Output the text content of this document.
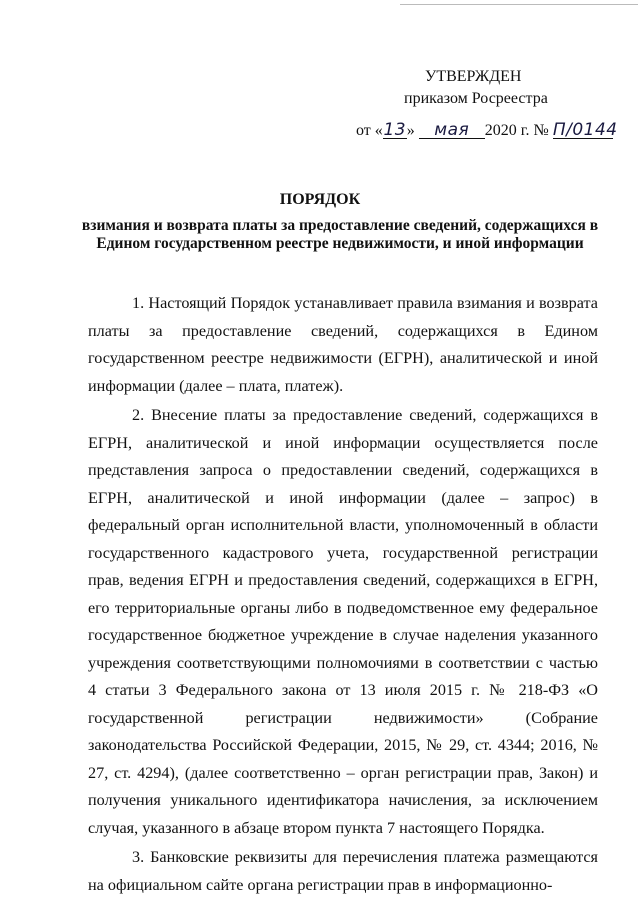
УТВЕРЖДЕН
приказом Росреестра
от «13» мая 2020 г. № П/0144
ПОРЯДОК
взимания и возврата платы за предоставление сведений, содержащихся в Едином государственном реестре недвижимости, и иной информации

1. Настоящий Порядок устанавливает правила взимания и возврата платы за предоставление сведений, содержащихся в Едином государственном реестре недвижимости (ЕГРН), аналитической и иной информации (далее – плата, платеж).

2. Внесение платы за предоставление сведений, содержащихся в ЕГРН, аналитической и иной информации осуществляется после представления запроса о предоставлении сведений, содержащихся в ЕГРН, аналитической и иной информации (далее – запрос) в федеральный орган исполнительной власти, уполномоченный в области государственного кадастрового учета, государственной регистрации прав, ведения ЕГРН и предоставления сведений, содержащихся в ЕГРН, его территориальные органы либо в подведомственное ему федеральное государственное бюджетное учреждение в случае наделения указанного учреждения соответствующими полномочиями в соответствии с частью 4 статьи 3 Федерального закона от 13 июля 2015 г. № 218-ФЗ «О государственной регистрации недвижимости» (Собрание законодательства Российской Федерации, 2015, № 29, ст. 4344; 2016, № 27, ст. 4294), (далее соответственно – орган регистрации прав, Закон) и получения уникального идентификатора начисления, за исключением случая, указанного в абзаце втором пункта 7 настоящего Порядка.

3. Банковские реквизиты для перечисления платежа размещаются на официальном сайте органа регистрации прав в информационно-
